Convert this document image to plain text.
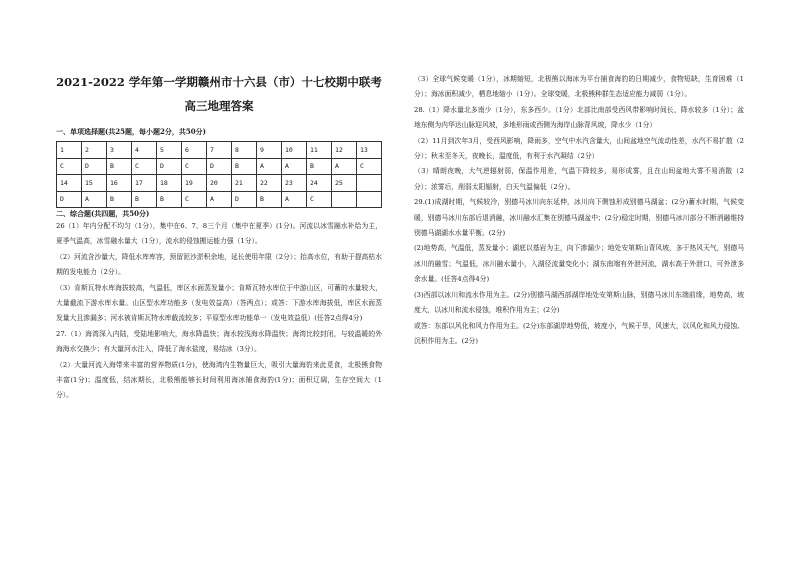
2021-2022 学年第一学期赣州市十六县（市）十七校期中联考
高三地理答案
一、单项选择题(共25题，每小题2分，共50分)
1	2	3	4	5	6	7	8	9	10	11	12	13
C	D	B	C	D	C	D	B	A	A	B	A	C
14	15	16	17	18	19	20	21	22	23	24	25	
D	A	B	B	B	C	A	D	B	A	C		
二、综合题(共四题，共50分)

26（1）年内分配不均匀（1分），集中在6、7、8三个月（集中在夏季）(1分)。河流以冰雪融水补给为主，夏季气温高，冰雪融水量大（1分），流水的侵蚀搬运能力强（1分）。

（2）河流含沙量大，降低水库库容，预留泥沙淤积余地，延长使用年限（2分）；抬高水位，有助于提高枯水期的发电能力（2分）。

（3）肯斯瓦特水库海拔较高，气温低，库区水面蒸发量小；肯斯瓦特水库位于中游山区，可蓄的水量较大，大量截流下游水库水量。山区型水库功能多（发电效益高）（答两点）；或答：下游水库海拔低，库区水面蒸发量大且渗漏多；河水被肯斯瓦特水库截流较多；平原型水库功能单一（发电效益低）(任答2点得4分)

27.（1）海湾深入内陆，受陆地影响大，海水降温快；海水较浅海水降温快；海湾比较封闭，与较温暖的外海海水交换少；有大量河水注入，降低了海水盐度，易结冰（3分）。

（2）大量河流入海带来丰富的营养物质(1分)，使海湾内生物量巨大，吸引大量海豹来此觅食，北极熊食物丰富(1分)；温度低，结冰期长，北极熊能够长时间利用海冰捕食海豹(1分)；面积辽阔，生存空间大（1分）。

（3）全球气候变暖（1分），冰期缩短，北极熊以海冰为平台捕食海豹的日期减少，食物短缺，生育困难（1分）；海冰面积减少，栖息地缩小（1分）。全球变暖，北极熊种群生态适应能力减弱（1分）。

28.（1）降水量北多南少（1分），东多西少。（1分）北部比南部受西风带影响时间长，降水较多（1分）；盆地东侧为内华达山脉迎风坡，多地形雨或西侧为海岸山脉背风坡，降水少（1分）

（2）11月到次年3月，受西风影响，降雨多，空气中水汽含量大，山间盆地空气流动性差，水汽不易扩散（2分）；秋末至冬天，夜晚长，温度低，有利于水汽凝结（2分）

（3）晴朗夜晚，大气逆辐射弱，保温作用差，气温下降较多，易形成雾，且在山间盆地大雾不易消散（2分）；浓雾后，削弱太阳辐射，白天气温偏低（2分）。

29.(1)成湖时期，气候较冷，别德马冰川向东延伸，冰川向下侧蚀形成别德马湖盆；(2分)蓄水时期，气候变暖，别德马冰川东部后退消融，冰川融水汇集在别德马湖盆中；(2分)稳定时期，别德马冰川部分不断消融维持别德马湖湖水水量平衡。(2分)

(2)地势高，气温低，蒸发量小；湖底以基岩为主，向下渗漏少；地处安第斯山背风坡，多干热风天气，别德马冰川的融雪；气温低，冰川融水量小，入湖径流量变化小；湖东南端有外泄河流，湖水高于外泄口，可外泄多余水量。(任答4点得4分)

(3)西部以冰川和流水作用为主。(2分)别德马湖西部湖岸地处安第斯山脉，别德马冰川东端前缘，地势高，坡度大，以冰川和流水侵蚀，堆积作用为主；(2分)

或答：东部以风化和风力作用为主。(2分)东部湖岸地势低，坡度小，气候干旱，风速大，以风化和风力侵蚀、沉积作用为主。(2分)
